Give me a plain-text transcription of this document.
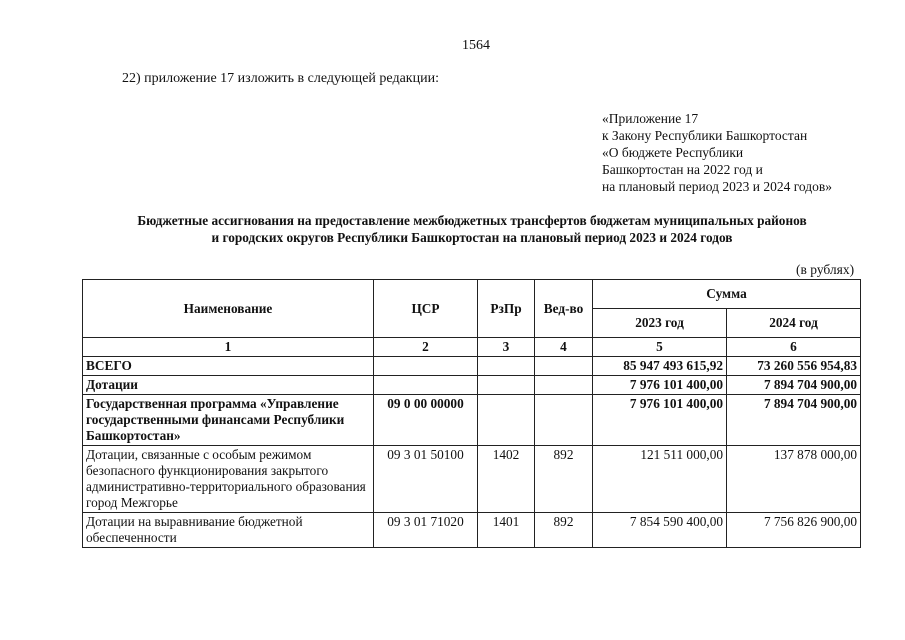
1564
22) приложение 17 изложить в следующей редакции:
«Приложение 17
к Закону Республики Башкортостан
«О бюджете Республики
Башкортостан на 2022 год и
на плановый период 2023 и 2024 годов»
Бюджетные ассигнования на предоставление межбюджетных трансфертов бюджетам муниципальных районов
и городских округов Республики Башкортостан на плановый период 2023 и 2024 годов
(в рублях)
Наименование	ЦСР	РзПр	Вед-во	Сумма	
				2023 год	2024 год
1	2	3	4	5	6
ВСЕГО				85 947 493 615,92	73 260 556 954,83
Дотации				7 976 101 400,00	7 894 704 900,00
Государственная программа «Управление государственными финансами Республики Башкортостан»	09 0 00 00000			7 976 101 400,00	7 894 704 900,00
Дотации, связанные с особым режимом безопасного функционирования закрытого административно-территориального образования город Межгорье	09 3 01 50100	1402	892	121 511 000,00	137 878 000,00
Дотации на выравнивание бюджетной обеспеченности	09 3 01 71020	1401	892	7 854 590 400,00	7 756 826 900,00
